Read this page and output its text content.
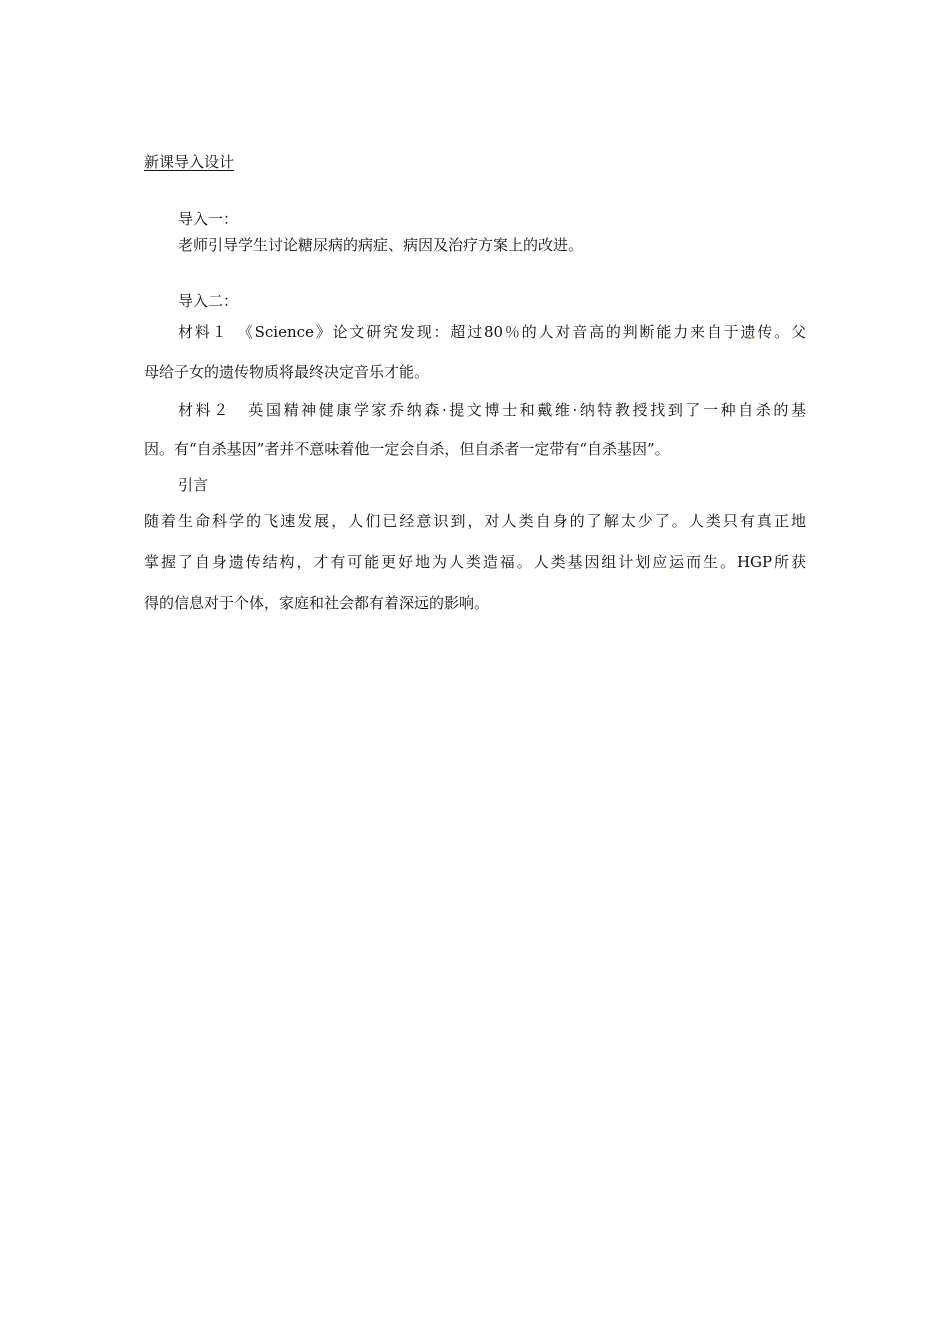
新课导入设计
导入一：
老师引导学生讨论糖尿病的病症、病因及治疗方案上的改进。
导入二：
材料１　《Science》论文研究发现：超过80％的人对音高的判断能力来自于遗传。父
母给子女的遗传物质将最终决定音乐才能。
材料２　英国精神健康学家乔纳森·提文博士和戴维·纳特教授找到了一种自杀的基
因。有“自杀基因”者并不意味着他一定会自杀，但自杀者一定带有“自杀基因”。
引言
随着生命科学的飞速发展，人们已经意识到，对人类自身的了解太少了。人类只有真正地
掌握了自身遗传结构，才有可能更好地为人类造福。人类基因组计划应运而生。HGP所获
得的信息对于个体，家庭和社会都有着深远的影响。
